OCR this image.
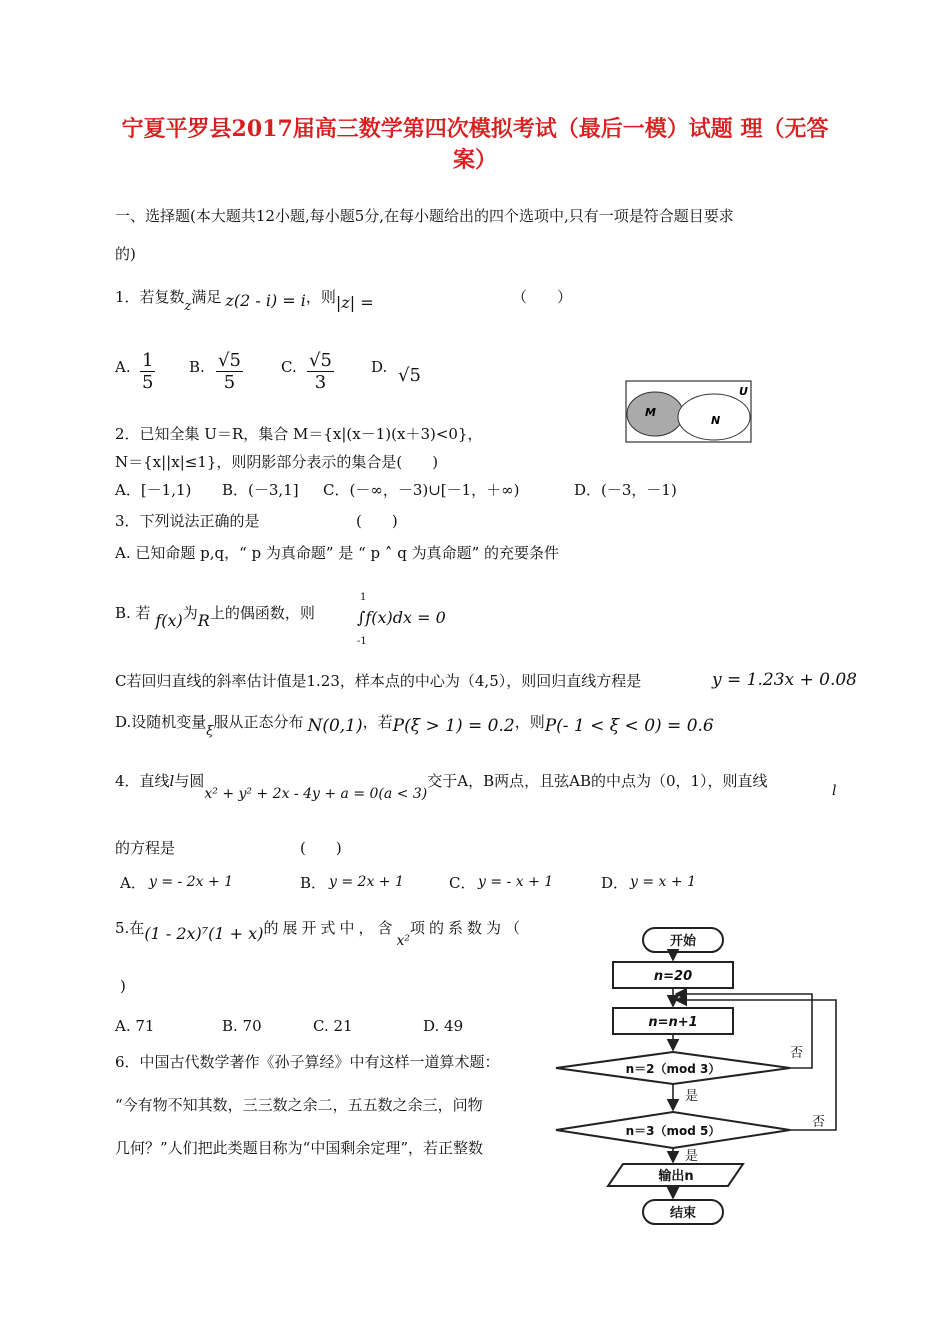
宁夏平罗县2017届高三数学第四次模拟考试（最后一模）试题 理（无答
案）
一、选择题(本大题共12小题,每小题5分,在每小题给出的四个选项中,只有一项是符合题目要求
的)
1．若复数z满足 z(2 - i) = i，则|z| =	（　　）
A. $\frac{1}{5} B$. $\frac{√5}{5}$	C. $\frac{√5}{3} D$. √5
U
M
N
2．已知全集 U＝R，集合 M＝{x|(x－1)(x＋3)<0}，
N＝{x||x|≤1}，则阴影部分表示的集合是(　　)
A．[－1,1) B．(－3,1] C．(－∞，－3)∪[－1，＋∞)	D．(－3，－1)
3．下列说法正确的是	(　　)
A. 已知命题 p,q，“ p 为真命题” 是 “ p ˄ q 为真命题” 的充要条件
B. 若 f(x)为R上的偶函数，则
1
∫f(x)dx = 0
-1
C若回归直线的斜率估计值是1.23，样本点的中心为（4,5），则回归直线方程是	y = 1.23x + 0.08
D.设随机变量ξ服从正态分布 N(0,1)，若P(ξ > 1) = 0.2，则P(- 1 < ξ < 0) = 0.6
4．直线l与圆x² + y² + 2x - 4y + a = 0(a < 3)交于A，B两点，且弦AB的中点为（0，1），则直线
l
的方程是	(　　)
A． y = - 2x + 1	B． y = 2x + 1	C． y = - x + 1	D． y = x + 1
5.在(1 - 2x)⁷(1 + x)的展开式中，含x²项的系数为（
)
A. 71	B. 70	C. 21	D. 49
6．中国古代数学著作《孙子算经》中有这样一道算术题：
“今有物不知其数，三三数之余二，五五数之余三，问物
几何？”人们把此类题目称为“中国剩余定理”，若正整数
开始
n=20
n=n+1
n＝2（mod 3）
n＝3（mod 5）
输出n
结束
是
是
否
否
